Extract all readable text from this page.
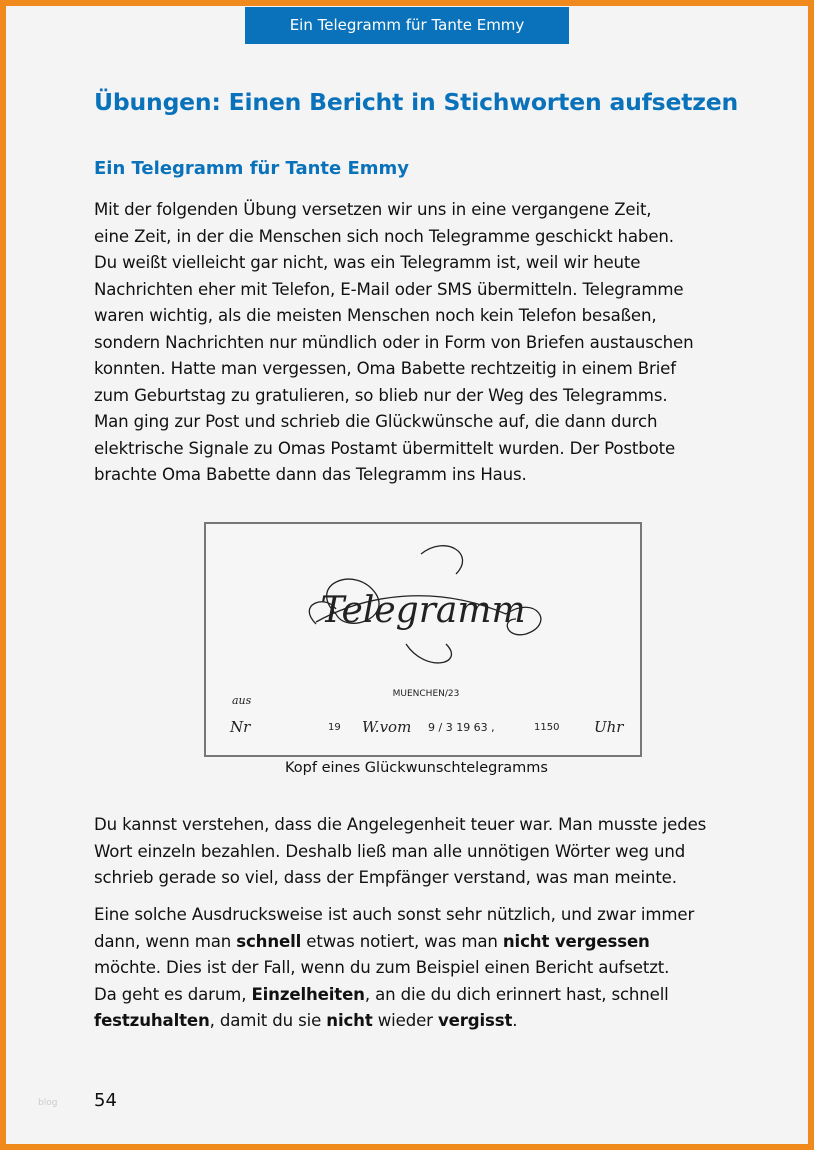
Ein Telegramm für Tante Emmy
Übungen: Einen Bericht in Stichworten aufsetzen
Ein Telegramm für Tante Emmy
Mit der folgenden Übung versetzen wir uns in eine vergangene Zeit,
eine Zeit, in der die Menschen sich noch Telegramme geschickt haben.
Du weißt vielleicht gar nicht, was ein Telegramm ist, weil wir heute
Nachrichten eher mit Telefon, E-Mail oder SMS übermitteln. Telegramme
waren wichtig, als die meisten Menschen noch kein Telefon besaßen,
sondern Nachrichten nur mündlich oder in Form von Briefen austauschen
konnten. Hatte man vergessen, Oma Babette rechtzeitig in einem Brief
zum Geburtstag zu gratulieren, so blieb nur der Weg des Telegramms.
Man ging zur Post und schrieb die Glückwünsche auf, die dann durch
elektrische Signale zu Omas Postamt übermittelt wurden. Der Postbote
brachte Oma Babette dann das Telegramm ins Haus.
Telegramm
MUENCHEN/23
aus
Nr	19 W.vom 9 / 3 19 63 ,	1150 Uhr
Kopf eines Glückwunschtelegramms
Du kannst verstehen, dass die Angelegenheit teuer war. Man musste jedes
Wort einzeln bezahlen. Deshalb ließ man alle unnötigen Wörter weg und
schrieb gerade so viel, dass der Empfänger verstand, was man meinte.
Eine solche Ausdrucksweise ist auch sonst sehr nützlich, und zwar immer
dann, wenn man schnell etwas notiert, was man nicht vergessen
möchte. Dies ist der Fall, wenn du zum Beispiel einen Bericht aufsetzt.
Da geht es darum, Einzelheiten, an die du dich erinnert hast, schnell
festzuhalten, damit du sie nicht wieder vergisst.
blog 54
